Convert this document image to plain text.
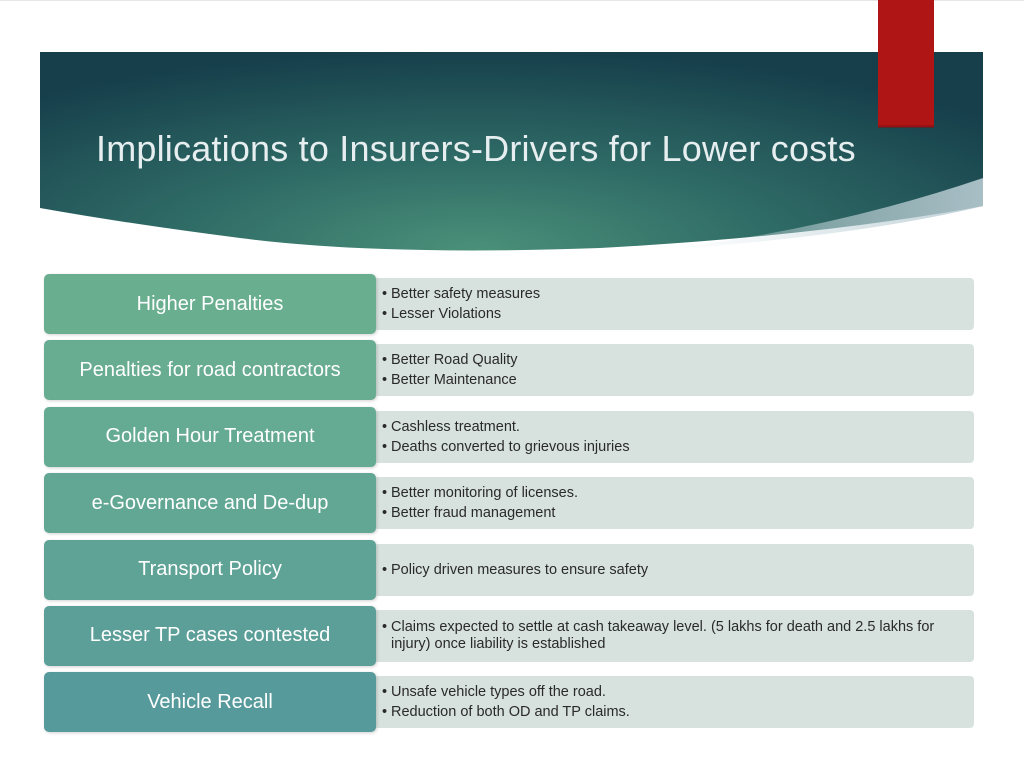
Implications to Insurers-Drivers for Lower costs
• Better safety measures
• Lesser Violations
Higher Penalties
• Better Road Quality
• Better Maintenance
Penalties for road contractors
• Cashless treatment.
• Deaths converted to grievous injuries
Golden Hour Treatment
• Better monitoring of licenses.
• Better fraud management
e-Governance and De-dup
• Policy driven measures to ensure safety
Transport Policy
• Claims expected to settle at cash takeaway level. (5 lakhs for death and 2.5 lakhs for injury) once liability is established
Lesser TP cases contested
• Unsafe vehicle types off the road.
• Reduction of both OD and TP claims.
Vehicle Recall
